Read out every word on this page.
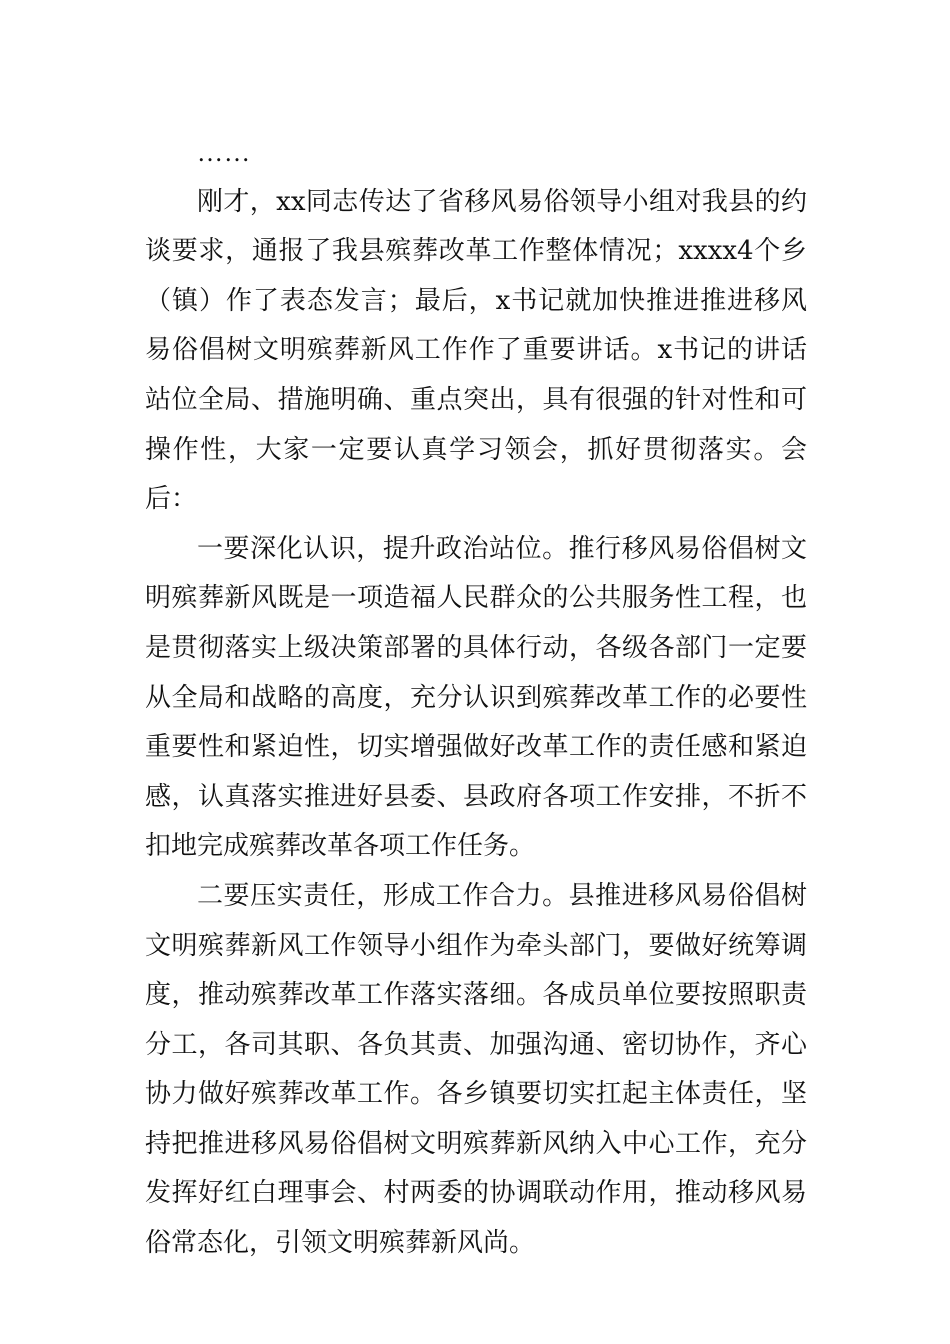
……

刚才，xx同志传达了省移风易俗领导小组对我县的约谈要求，通报了我县殡葬改革工作整体情况；xxxx4个乡（镇）作了表态发言；最后，x书记就加快推进推进移风易俗倡树文明殡葬新风工作作了重要讲话。x书记的讲话站位全局、措施明确、重点突出，具有很强的针对性和可操作性，大家一定要认真学习领会，抓好贯彻落实。会后：

一要深化认识，提升政治站位。推行移风易俗倡树文明殡葬新风既是一项造福人民群众的公共服务性工程，也是贯彻落实上级决策部署的具体行动，各级各部门一定要从全局和战略的高度，充分认识到殡葬改革工作的必要性重要性和紧迫性，切实增强做好改革工作的责任感和紧迫感，认真落实推进好县委、县政府各项工作安排，不折不扣地完成殡葬改革各项工作任务。

二要压实责任，形成工作合力。县推进移风易俗倡树文明殡葬新风工作领导小组作为牵头部门，要做好统筹调度，推动殡葬改革工作落实落细。各成员单位要按照职责分工，各司其职、各负其责、加强沟通、密切协作，齐心协力做好殡葬改革工作。各乡镇要切实扛起主体责任，坚持把推进移风易俗倡树文明殡葬新风纳入中心工作，充分发挥好红白理事会、村两委的协调联动作用，推动移风易俗常态化，引领文明殡葬新风尚。
